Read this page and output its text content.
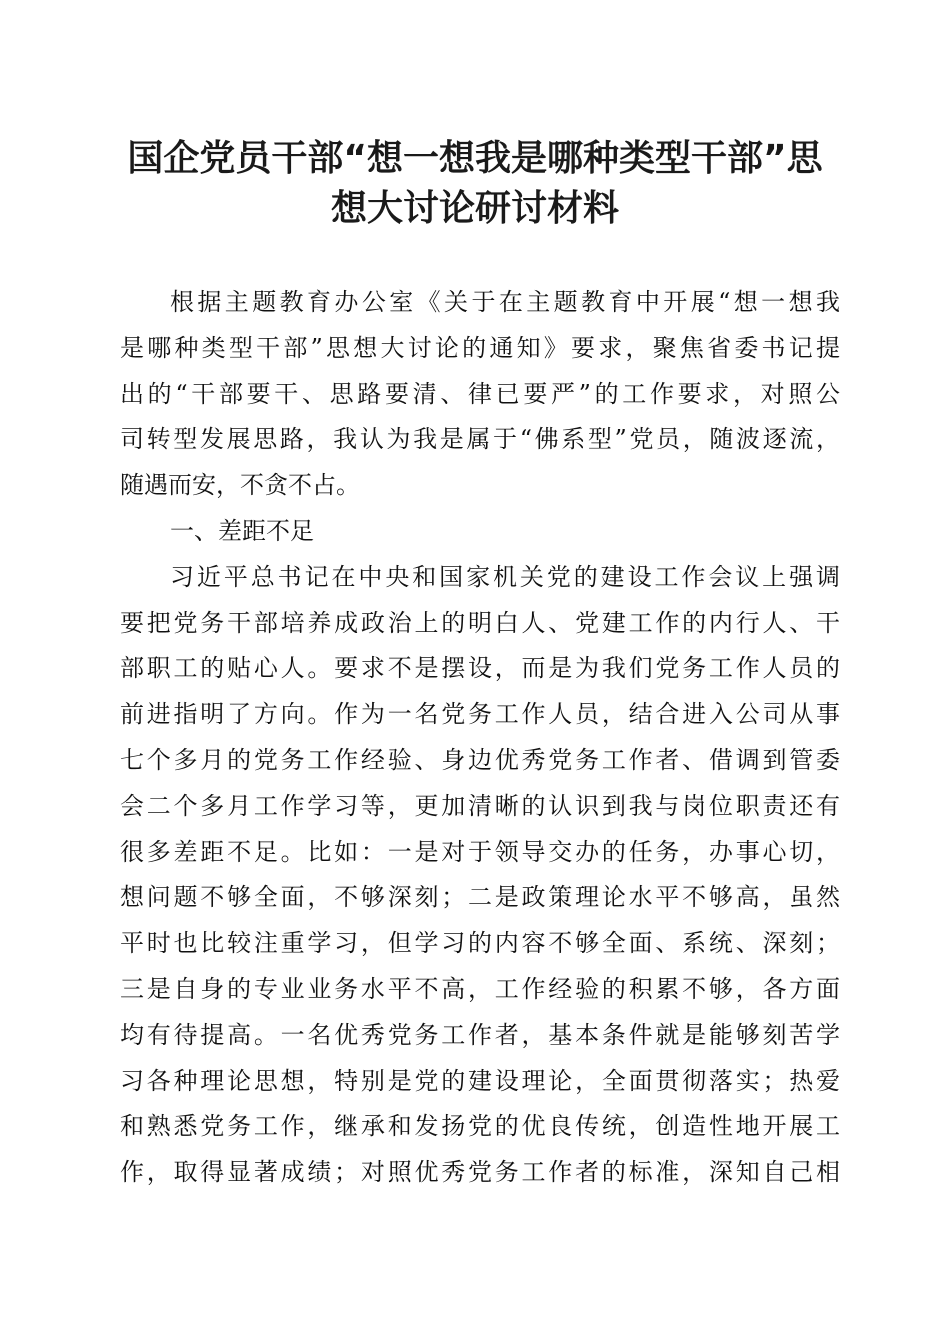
国企党员干部“想一想我是哪种类型干部”思
想大讨论研讨材料
根据主题教育办公室《关于在主题教育中开展“想一想我
是哪种类型干部”思想大讨论的通知》要求，聚焦省委书记提
出的“干部要干、思路要清、律已要严”的工作要求，对照公
司转型发展思路，我认为我是属于“佛系型”党员，随波逐流，
随遇而安，不贪不占。
一、差距不足
习近平总书记在中央和国家机关党的建设工作会议上强调
要把党务干部培养成政治上的明白人、党建工作的内行人、干
部职工的贴心人。要求不是摆设，而是为我们党务工作人员的
前进指明了方向。作为一名党务工作人员，结合进入公司从事
七个多月的党务工作经验、身边优秀党务工作者、借调到管委
会二个多月工作学习等，更加清晰的认识到我与岗位职责还有
很多差距不足。比如：一是对于领导交办的任务，办事心切，
想问题不够全面，不够深刻；二是政策理论水平不够高，虽然
平时也比较注重学习，但学习的内容不够全面、系统、深刻；
三是自身的专业业务水平不高，工作经验的积累不够，各方面
均有待提高。一名优秀党务工作者，基本条件就是能够刻苦学
习各种理论思想，特别是党的建设理论，全面贯彻落实；热爱
和熟悉党务工作，继承和发扬党的优良传统，创造性地开展工
作，取得显著成绩；对照优秀党务工作者的标准，深知自己相
